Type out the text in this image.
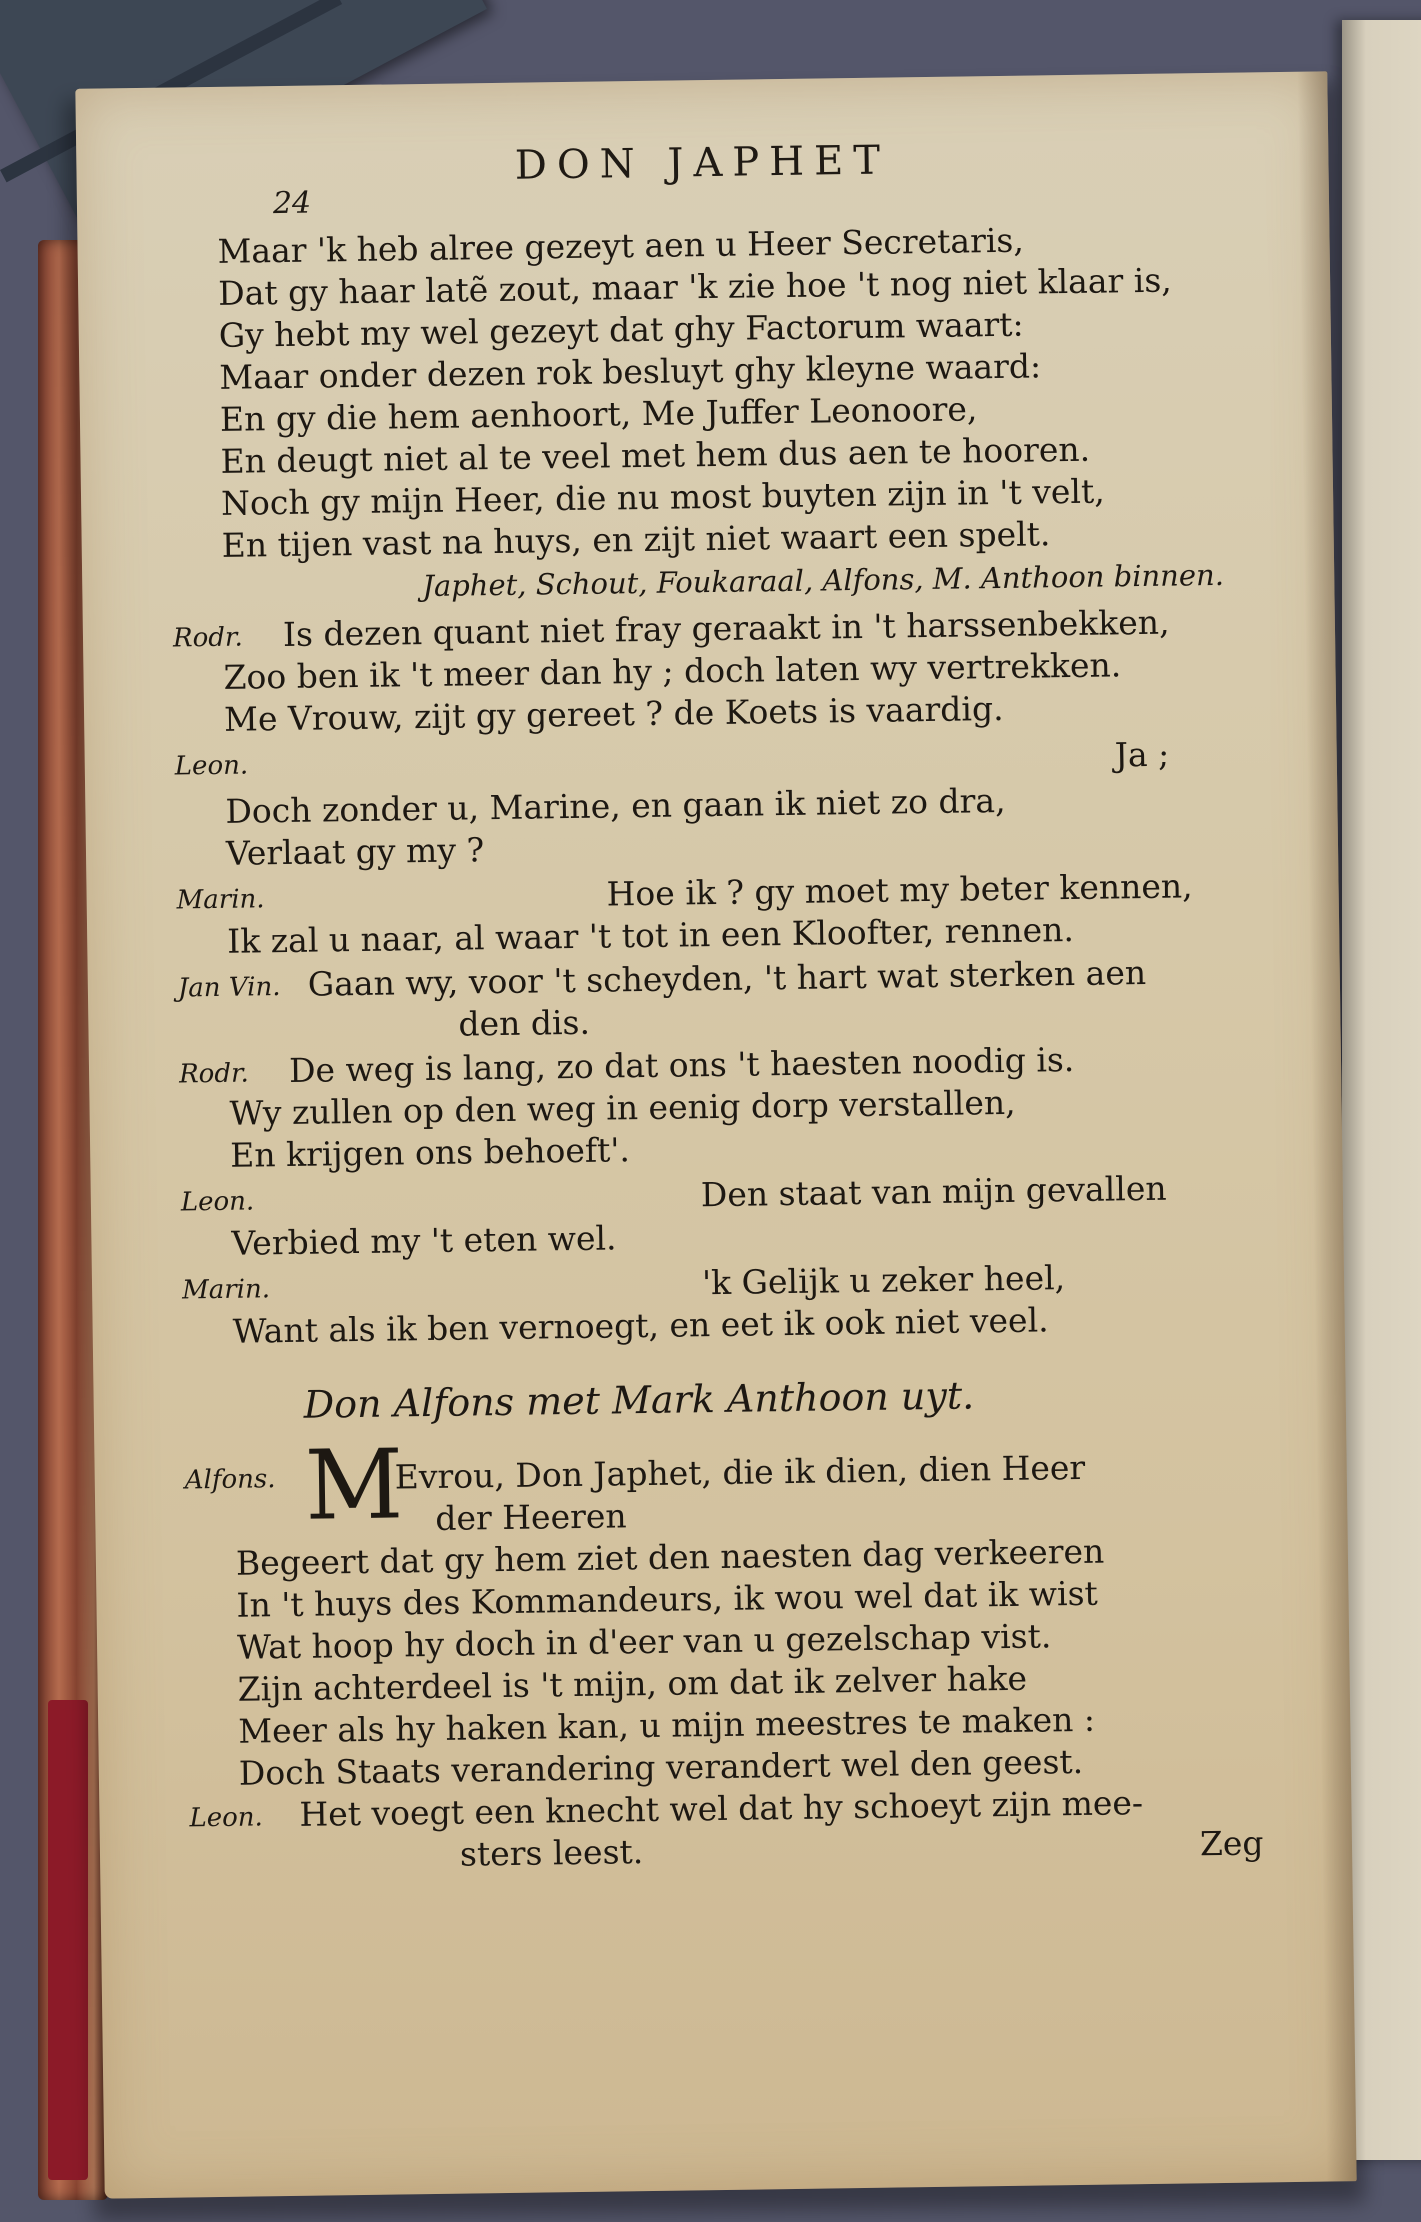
DON JAPHET
24
Maar 'k heb alree gezeyt aen u Heer Secretaris,
Dat gy haar latẽ zout, maar 'k zie hoe 't nog niet klaar is,
Gy hebt my wel gezeyt dat ghy Factorum waart:
Maar onder dezen rok besluyt ghy kleyne waard:
En gy die hem aenhoort, Me Juffer Leonoore,
En deugt niet al te veel met hem dus aen te hooren.
Noch gy mijn Heer, die nu most buyten zijn in 't velt,
En tijen vast na huys, en zijt niet waart een spelt.
Japhet, Schout, Foukaraal, Alfons, M. Anthoon binnen.
Rodr. Is dezen quant niet fray geraakt in 't harssenbekken,
Zoo ben ik 't meer dan hy ; doch laten wy vertrekken.
Me Vrouw, zijt gy gereet ? de Koets is vaardig.
Leon.	Ja ;
Doch zonder u, Marine, en gaan ik niet zo dra,
Verlaat gy my ?
Marin.	Hoe ik ? gy moet my beter kennen,
Ik zal u naar, al waar 't tot in een Kloofter, rennen.
Jan Vin. Gaan wy, voor 't scheyden, 't hart wat sterken aen
den dis.
Rodr. De weg is lang, zo dat ons 't haesten noodig is.
Wy zullen op den weg in eenig dorp verstallen,
En krijgen ons behoeft'.
Leon.	Den staat van mijn gevallen
Verbied my 't eten wel.
Marin.	'k Gelijk u zeker heel,
Want als ik ben vernoegt, en eet ik ook niet veel.
Don Alfons met Mark Anthoon uyt.
Alfons. M
Evrou, Don Japhet, die ik dien, dien Heer
der Heeren
Begeert dat gy hem ziet den naesten dag verkeeren
In 't huys des Kommandeurs, ik wou wel dat ik wist
Wat hoop hy doch in d'eer van u gezelschap vist.
Zijn achterdeel is 't mijn, om dat ik zelver hake
Meer als hy haken kan, u mijn meestres te maken :
Doch Staats verandering verandert wel den geest.
Leon. Het voegt een knecht wel dat hy schoeyt zijn mee-
sters leest.	Zeg
